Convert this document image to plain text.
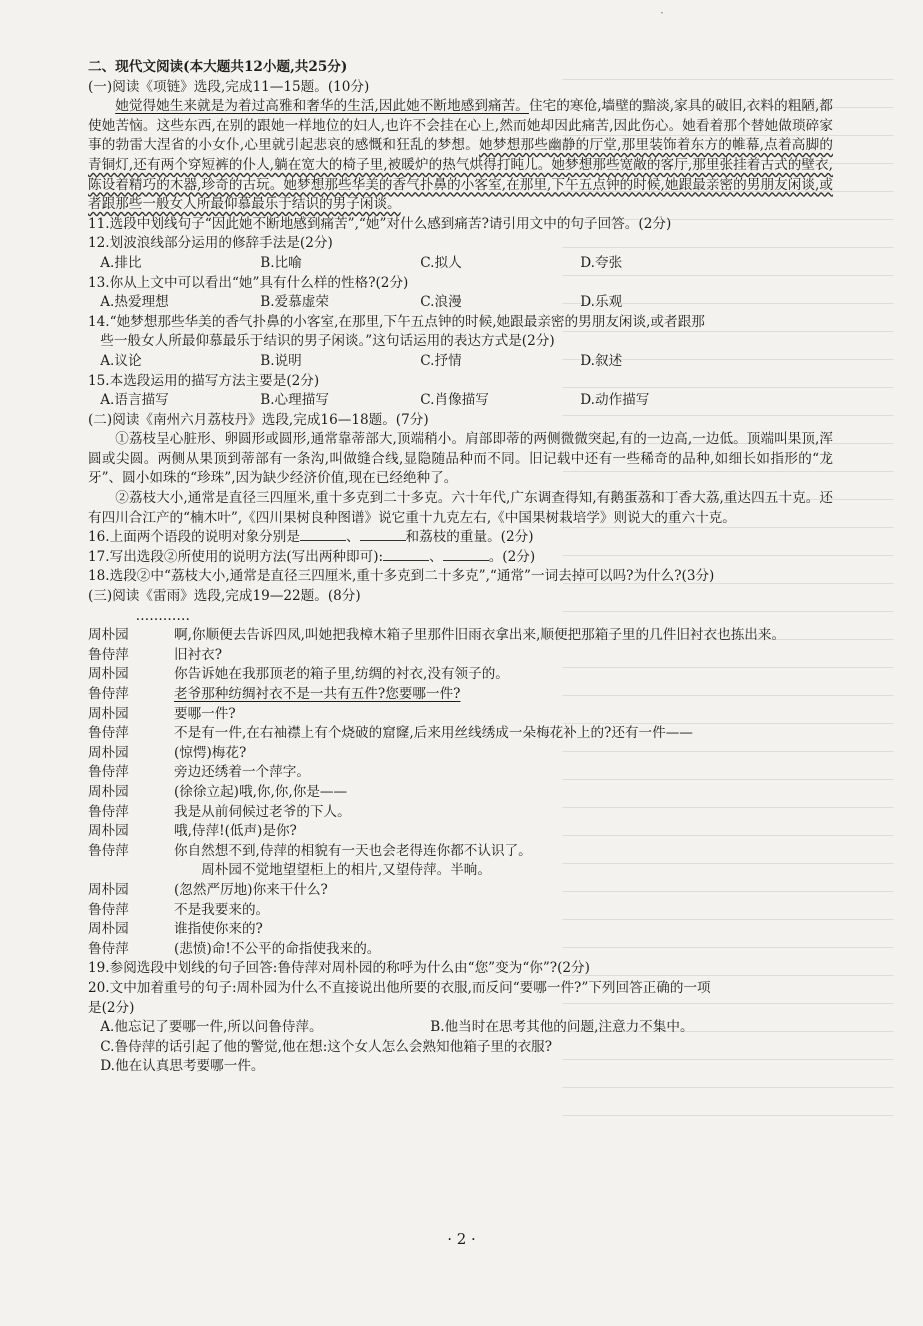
·
二、现代文阅读(本大题共12小题,共25分)
(一)阅读《项链》选段,完成11—15题。(10分)
她觉得她生来就是为着过高雅和奢华的生活,因此她不断地感到痛苦。住宅的寒伧,墙壁的黯淡,家具的破旧,衣料的粗陋,都使她苦恼。这些东西,在别的跟她一样地位的妇人,也许不会挂在心上,然而她却因此痛苦,因此伤心。她看着那个替她做琐碎家事的勃雷大涅省的小女仆,心里就引起悲哀的感慨和狂乱的梦想。她梦想那些幽静的厅堂,那里装饰着东方的帷幕,点着高脚的青铜灯,还有两个穿短裤的仆人,躺在宽大的椅子里,被暖炉的热气烘得打盹儿。她梦想那些宽敞的客厅,那里张挂着古式的壁衣,陈设着精巧的木器,珍奇的古玩。她梦想那些华美的香气扑鼻的小客室,在那里,下午五点钟的时候,她跟最亲密的男朋友闲谈,或者跟那些一般女人所最仰慕最乐于结识的男子闲谈。
11.选段中划线句子“因此她不断地感到痛苦”,“她”对什么感到痛苦?请引用文中的句子回答。(2分)
12.划波浪线部分运用的修辞手法是(2分)
A.排比	B.比喻	C.拟人	D.夸张
13.你从上文中可以看出“她”具有什么样的性格?(2分)
A.热爱理想	B.爱慕虚荣	C.浪漫	D.乐观
14.“她梦想那些华美的香气扑鼻的小客室,在那里,下午五点钟的时候,她跟最亲密的男朋友闲谈,或者跟那
些一般女人所最仰慕最乐于结识的男子闲谈。”这句话运用的表达方式是(2分)
A.议论	B.说明	C.抒情	D.叙述
15.本选段运用的描写方法主要是(2分)
A.语言描写	B.心理描写	C.肖像描写	D.动作描写
(二)阅读《南州六月荔枝丹》选段,完成16—18题。(7分)
①荔枝呈心脏形、卵圆形或圆形,通常靠蒂部大,顶端稍小。肩部即蒂的两侧微微突起,有的一边高,一边低。顶端叫果顶,浑圆或尖圆。两侧从果顶到蒂部有一条沟,叫做缝合线,显隐随品种而不同。旧记载中还有一些稀奇的品种,如细长如指形的“龙牙”、圆小如珠的“珍珠”,因为缺少经济价值,现在已经绝种了。
②荔枝大小,通常是直径三四厘米,重十多克到二十多克。六十年代,广东调查得知,有鹅蛋荔和丁香大荔,重达四五十克。还有四川合江产的“楠木叶”,《四川果树良种图谱》说它重十九克左右,《中国果树栽培学》则说大的重六十克。
16.上面两个语段的说明对象分别是	、	和荔枝的重量。(2分)
17.写出选段②所使用的说明方法(写出两种即可):	、	。(2分)
18.选段②中“荔枝大小,通常是直径三四厘米,重十多克到二十多克”,“通常”一词去掉可以吗?为什么?(3分)
(三)阅读《雷雨》选段,完成19—22题。(8分)
…………
周朴园	啊,你顺便去告诉四凤,叫她把我樟木箱子里那件旧雨衣拿出来,顺便把那箱子里的几件旧衬衣也拣出来。
鲁侍萍	旧衬衣?
周朴园	你告诉她在我那顶老的箱子里,纺绸的衬衣,没有领子的。
鲁侍萍	老爷那种纺绸衬衣不是一共有五件?您要哪一件?
周朴园	要哪一件?
鲁侍萍	不是有一件,在右袖襟上有个烧破的窟窿,后来用丝线绣成一朵梅花补上的?还有一件——
周朴园	(惊愕)梅花?
鲁侍萍	旁边还绣着一个萍字。
周朴园	(徐徐立起)哦,你,你,你是——
鲁侍萍	我是从前伺候过老爷的下人。
周朴园	哦,侍萍!(低声)是你?
鲁侍萍	你自然想不到,侍萍的相貌有一天也会老得连你都不认识了。
周朴园不觉地望望柜上的相片,又望侍萍。半晌。
周朴园	(忽然严厉地)你来干什么?
鲁侍萍	不是我要来的。
周朴园	谁指使你来的?
鲁侍萍	(悲愤)命!不公平的命指使我来的。
19.参阅选段中划线的句子回答:鲁侍萍对周朴园的称呼为什么由“您”变为“你”?(2分)
20.文中加着重号的句子:周朴园为什么不直接说出他所要的衣服,而反问“要哪一件?”下列回答正确的一项
是(2分)
A.他忘记了要哪一件,所以问鲁侍萍。	B.他当时在思考其他的问题,注意力不集中。
C.鲁侍萍的话引起了他的警觉,他在想:这个女人怎么会熟知他箱子里的衣服?
D.他在认真思考要哪一件。
· 2 ·
